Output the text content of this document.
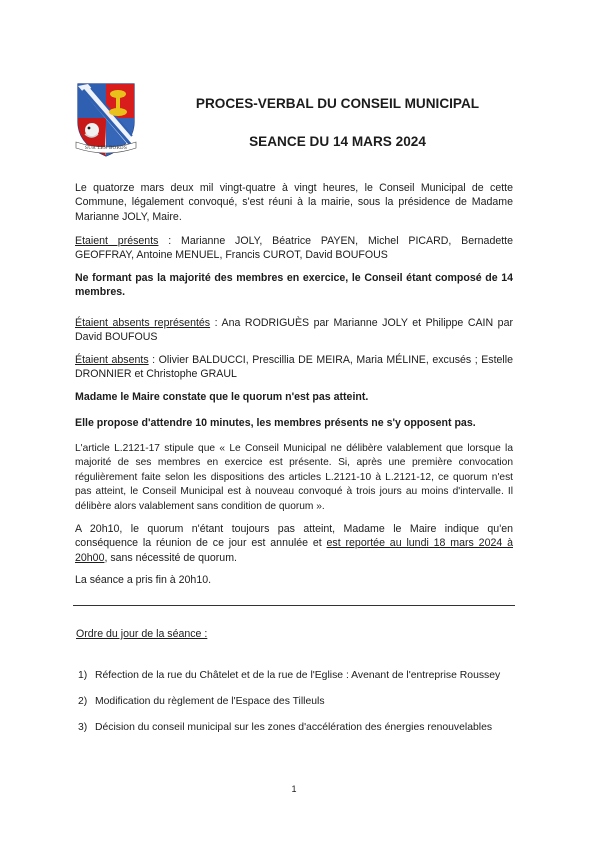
SUR LES BORDS
PROCES-VERBAL DU CONSEIL MUNICIPAL
SEANCE DU 14 MARS 2024
Le quatorze mars deux mil vingt-quatre à vingt heures, le Conseil Municipal de cette Commune, légalement convoqué, s'est réuni à la mairie, sous la présidence de Madame Marianne JOLY, Maire.
Etaient présents : Marianne JOLY, Béatrice PAYEN, Michel PICARD, Bernadette GEOFFRAY, Antoine MENUEL, Francis CUROT, David BOUFOUS
Ne formant pas la majorité des membres en exercice, le Conseil étant composé de 14 membres.
Étaient absents représentés : Ana RODRIGUÈS par Marianne JOLY et Philippe CAIN par David BOUFOUS
Étaient absents : Olivier BALDUCCI, Prescillia DE MEIRA, Maria MÉLINE, excusés ; Estelle DRONNIER et Christophe GRAUL
Madame le Maire constate que le quorum n'est pas atteint.
Elle propose d'attendre 10 minutes, les membres présents ne s'y opposent pas.
L'article L.2121-17 stipule que « Le Conseil Municipal ne délibère valablement que lorsque la majorité de ses membres en exercice est présente. Si, après une première convocation régulièrement faite selon les dispositions des articles L.2121-10 à L.2121-12, ce quorum n'est pas atteint, le Conseil Municipal est à nouveau convoqué à trois jours au moins d'intervalle. Il délibère alors valablement sans condition de quorum ».
A 20h10, le quorum n'étant toujours pas atteint, Madame le Maire indique qu'en conséquence la réunion de ce jour est annulée et est reportée au lundi 18 mars 2024 à 20h00, sans nécessité de quorum.
La séance a pris fin à 20h10.
Ordre du jour de la séance :
1) Réfection de la rue du Châtelet et de la rue de l'Eglise : Avenant de l'entreprise Roussey
2) Modification du règlement de l'Espace des Tilleuls
3) Décision du conseil municipal sur les zones d'accélération des énergies renouvelables
1
